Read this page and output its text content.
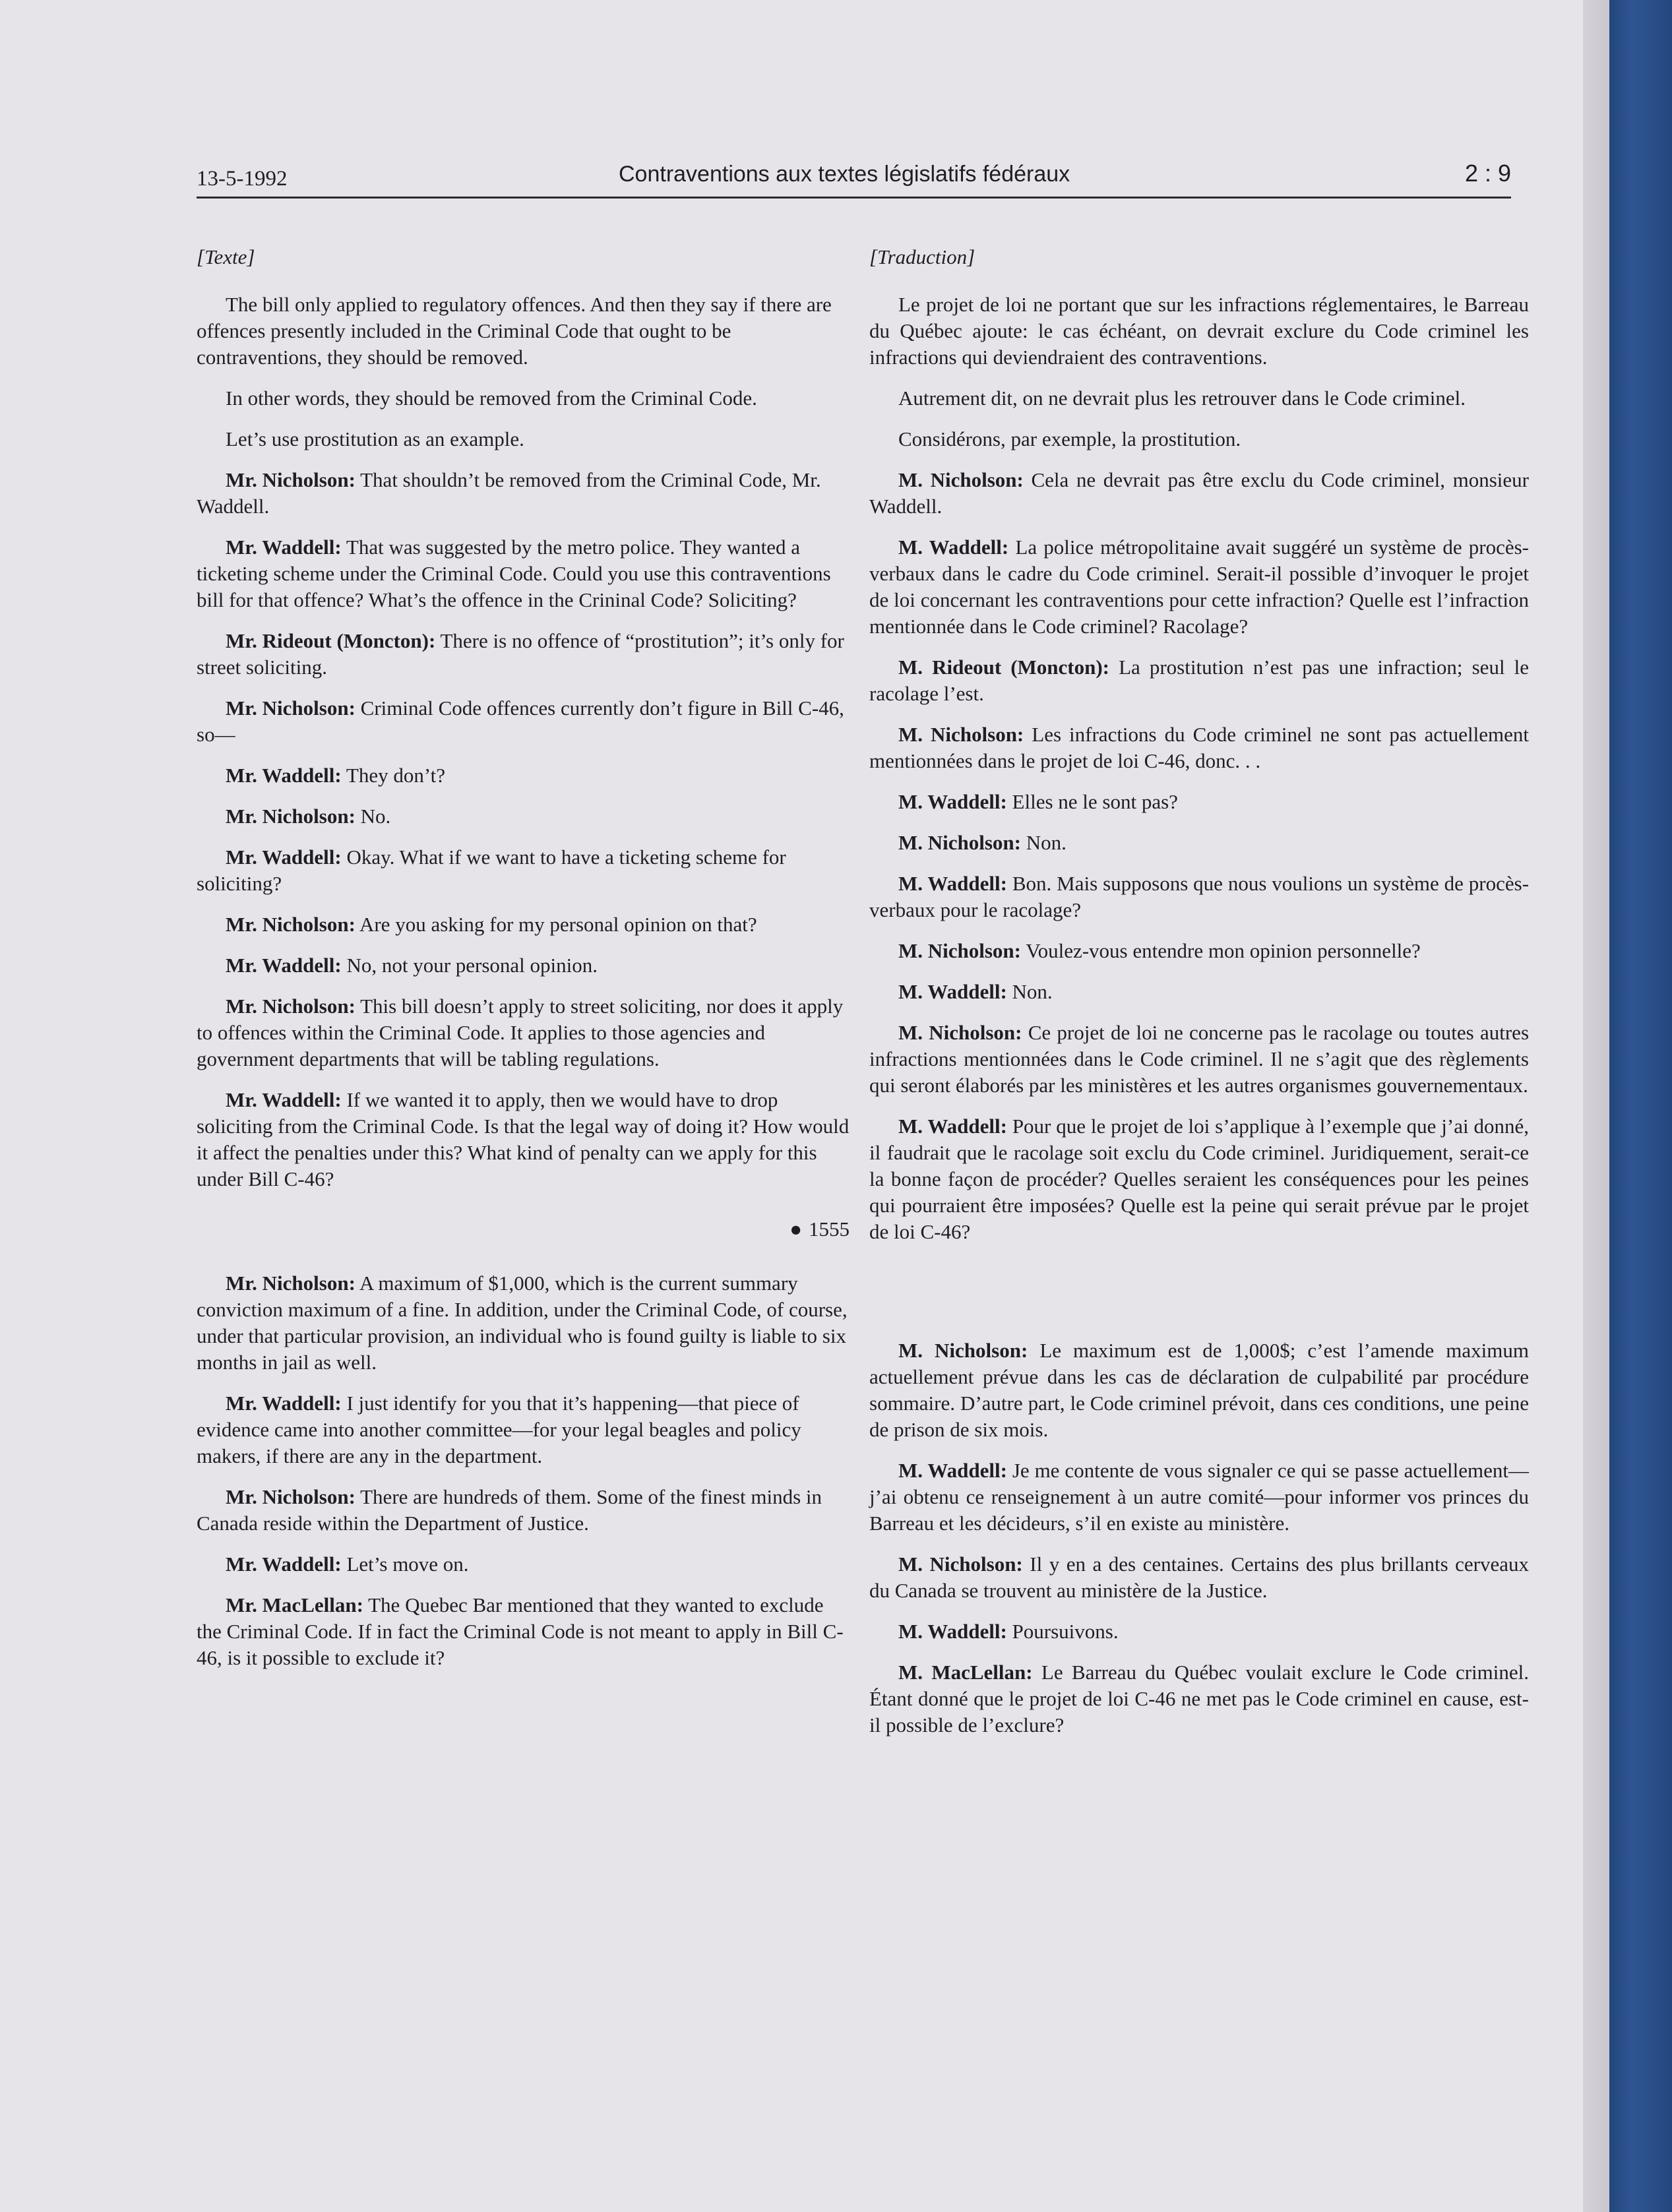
13-5-1992	Contraventions aux textes législatifs fédéraux	2 : 9
[Texte]
The bill only applied to regulatory offences. And then they say if there are offences presently included in the Criminal Code that ought to be contraventions, they should be removed.
In other words, they should be removed from the Criminal Code.
Let’s use prostitution as an example.
Mr. Nicholson: That shouldn’t be removed from the Criminal Code, Mr. Waddell.
Mr. Waddell: That was suggested by the metro police. They wanted a ticketing scheme under the Criminal Code. Could you use this contraventions bill for that offence? What’s the offence in the Crininal Code? Soliciting?
Mr. Rideout (Moncton): There is no offence of “prostitution”; it’s only for street soliciting.
Mr. Nicholson: Criminal Code offences currently don’t figure in Bill C-46, so—
Mr. Waddell: They don’t?
Mr. Nicholson: No.
Mr. Waddell: Okay. What if we want to have a ticketing scheme for soliciting?
Mr. Nicholson: Are you asking for my personal opinion on that?
Mr. Waddell: No, not your personal opinion.
Mr. Nicholson: This bill doesn’t apply to street soliciting, nor does it apply to offences within the Criminal Code. It applies to those agencies and government departments that will be tabling regulations.
Mr. Waddell: If we wanted it to apply, then we would have to drop soliciting from the Criminal Code. Is that the legal way of doing it? How would it affect the penalties under this? What kind of penalty can we apply for this under Bill C-46?
● 1555
Mr. Nicholson: A maximum of $1,000, which is the current summary conviction maximum of a fine. In addition, under the Criminal Code, of course, under that particular provision, an individual who is found guilty is liable to six months in jail as well.
Mr. Waddell: I just identify for you that it’s happening—that piece of evidence came into another committee—for your legal beagles and policy makers, if there are any in the department.
Mr. Nicholson: There are hundreds of them. Some of the finest minds in Canada reside within the Department of Justice.
Mr. Waddell: Let’s move on.
Mr. MacLellan: The Quebec Bar mentioned that they wanted to exclude the Criminal Code. If in fact the Criminal Code is not meant to apply in Bill C-46, is it possible to exclude it?
[Traduction]
Le projet de loi ne portant que sur les infractions réglementaires, le Barreau du Québec ajoute: le cas échéant, on devrait exclure du Code criminel les infractions qui deviendraient des contraventions.
Autrement dit, on ne devrait plus les retrouver dans le Code criminel.
Considérons, par exemple, la prostitution.
M. Nicholson: Cela ne devrait pas être exclu du Code criminel, monsieur Waddell.
M. Waddell: La police métropolitaine avait suggéré un système de procès-verbaux dans le cadre du Code criminel. Serait-il possible d’invoquer le projet de loi concernant les contraventions pour cette infraction? Quelle est l’infraction mentionnée dans le Code criminel? Racolage?
M. Rideout (Moncton): La prostitution n’est pas une infraction; seul le racolage l’est.
M. Nicholson: Les infractions du Code criminel ne sont pas actuellement mentionnées dans le projet de loi C-46, donc. . .
M. Waddell: Elles ne le sont pas?
M. Nicholson: Non.
M. Waddell: Bon. Mais supposons que nous voulions un système de procès-verbaux pour le racolage?
M. Nicholson: Voulez-vous entendre mon opinion personnelle?
M. Waddell: Non.
M. Nicholson: Ce projet de loi ne concerne pas le racolage ou toutes autres infractions mentionnées dans le Code criminel. Il ne s’agit que des règlements qui seront élaborés par les ministères et les autres organismes gouvernementaux.
M. Waddell: Pour que le projet de loi s’applique à l’exemple que j’ai donné, il faudrait que le racolage soit exclu du Code criminel. Juridiquement, serait-ce la bonne façon de procéder? Quelles seraient les conséquences pour les peines qui pourraient être imposées? Quelle est la peine qui serait prévue par le projet de loi C-46?
M. Nicholson: Le maximum est de 1,000$; c’est l’amende maximum actuellement prévue dans les cas de déclaration de culpabilité par procédure sommaire. D’autre part, le Code criminel prévoit, dans ces conditions, une peine de prison de six mois.
M. Waddell: Je me contente de vous signaler ce qui se passe actuellement—j’ai obtenu ce renseignement à un autre comité—pour informer vos princes du Barreau et les décideurs, s’il en existe au ministère.
M. Nicholson: Il y en a des centaines. Certains des plus brillants cerveaux du Canada se trouvent au ministère de la Justice.
M. Waddell: Poursuivons.
M. MacLellan: Le Barreau du Québec voulait exclure le Code criminel. Étant donné que le projet de loi C-46 ne met pas le Code criminel en cause, est-il possible de l’exclure?
